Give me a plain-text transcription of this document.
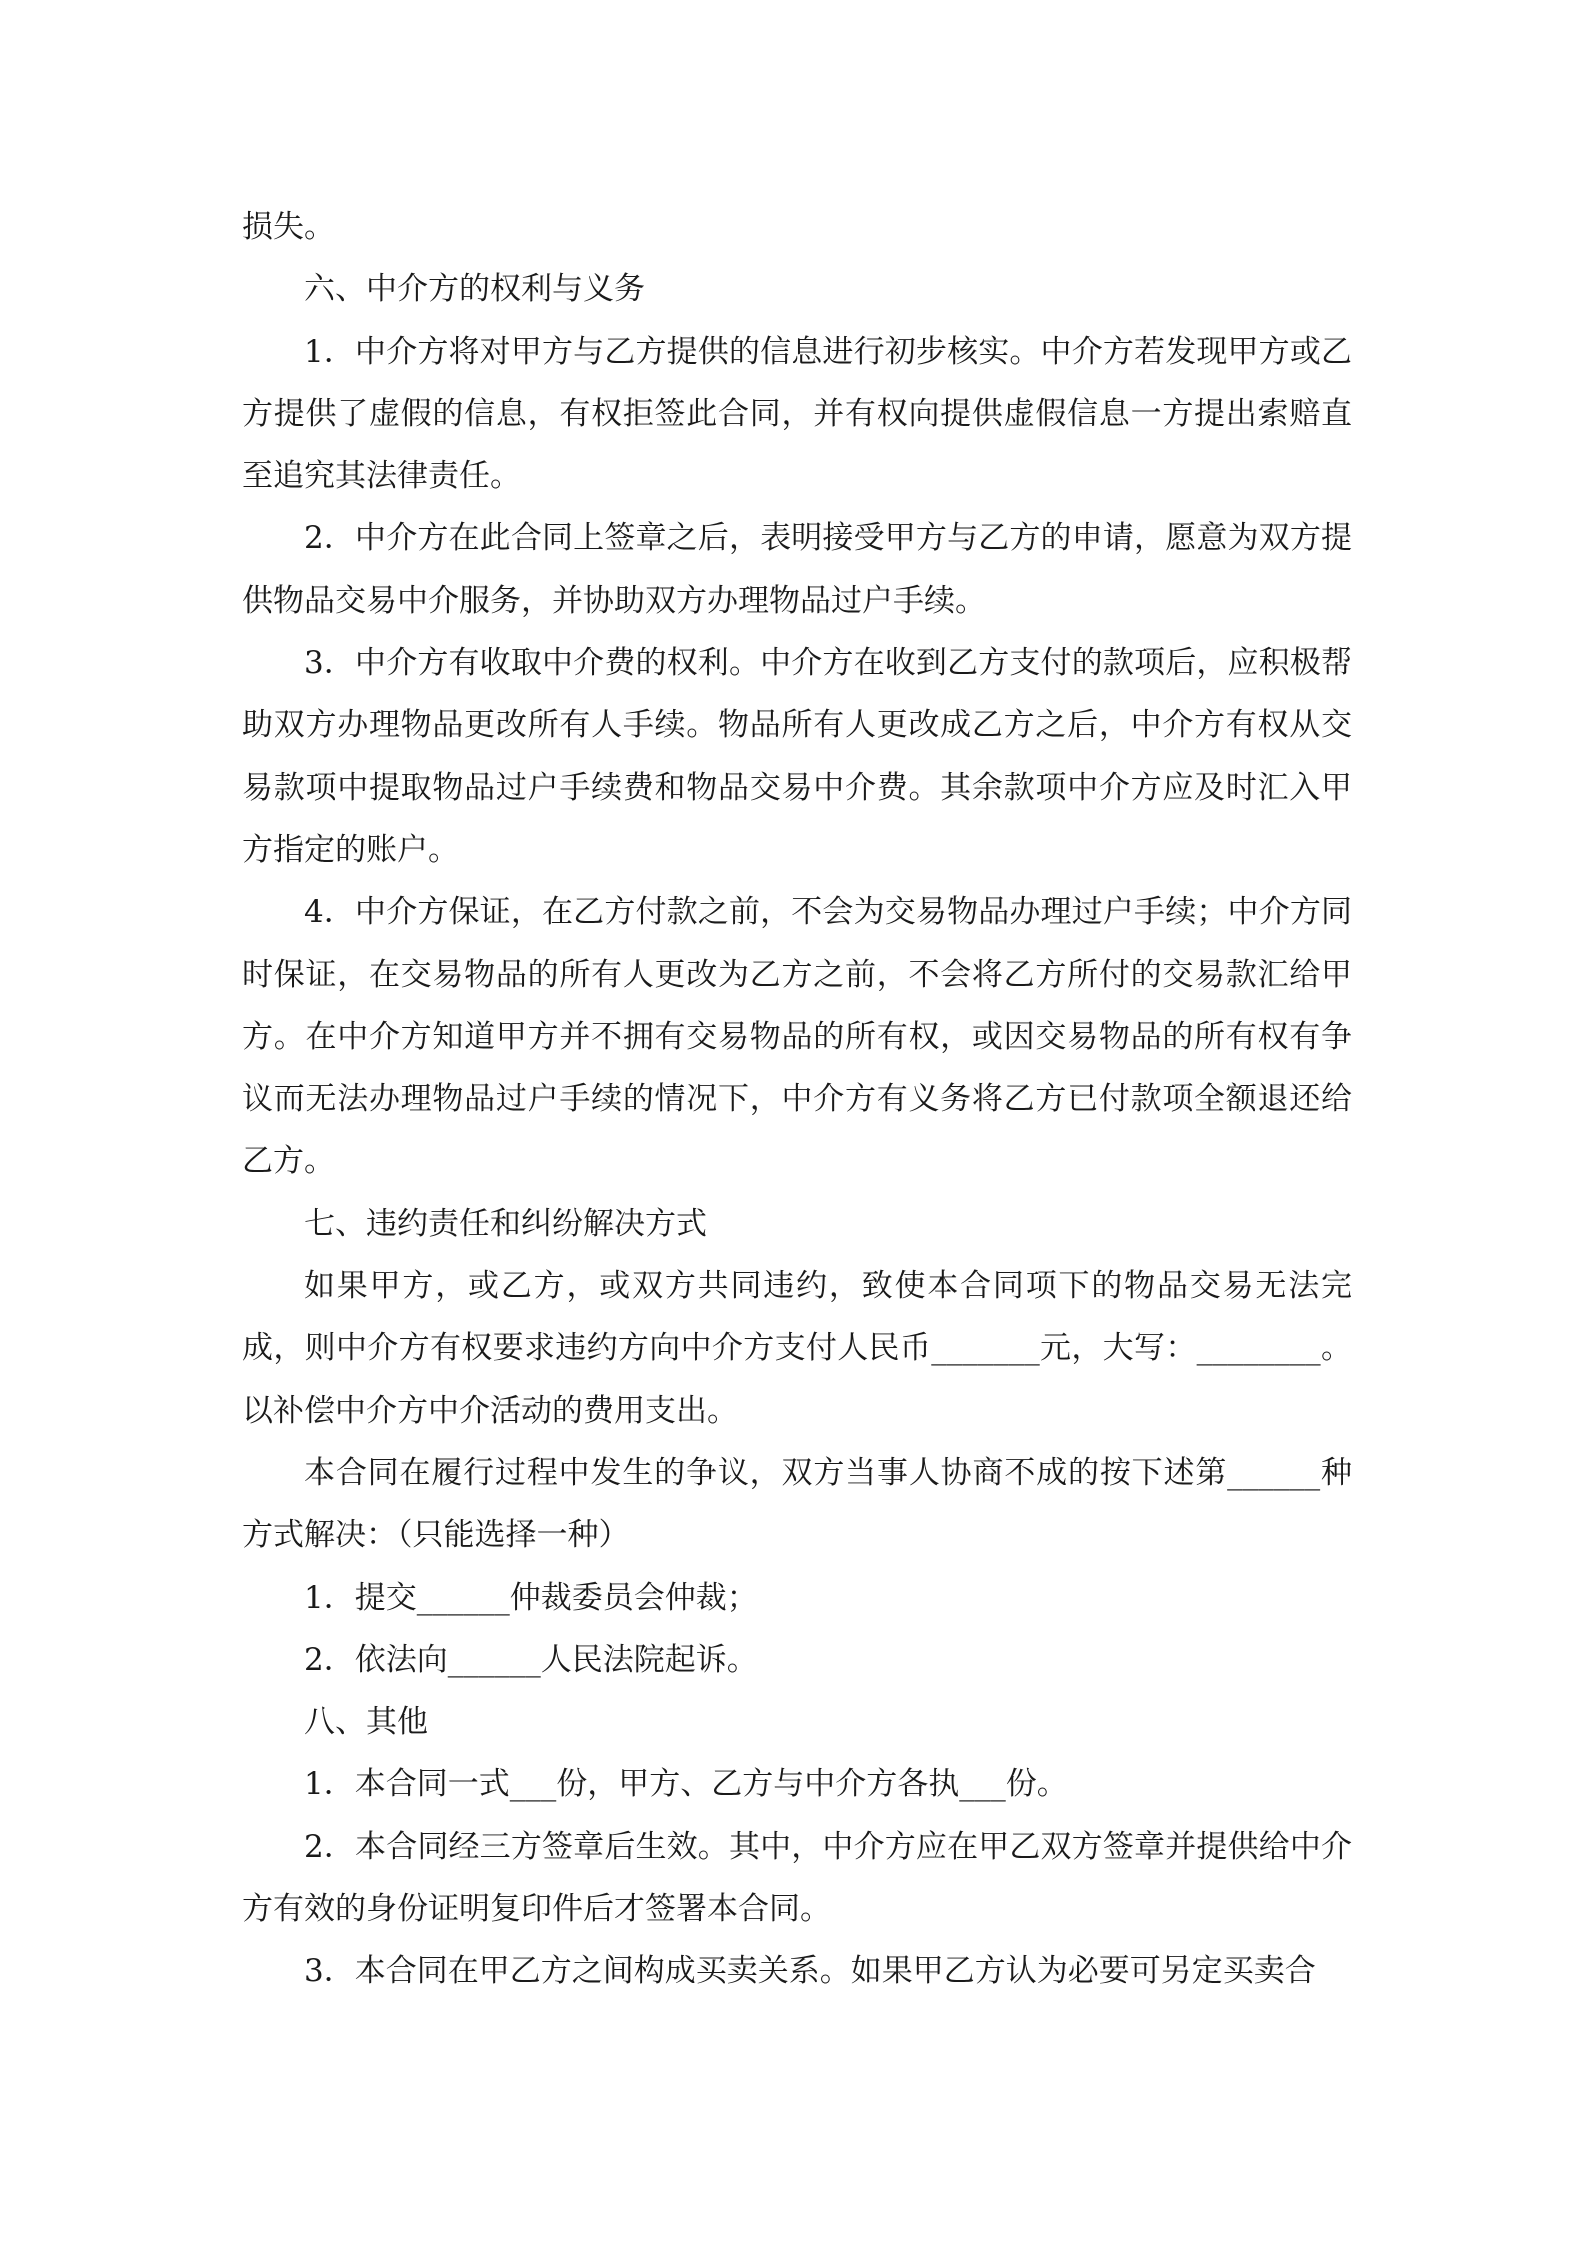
损失。

六、中介方的权利与义务

1．中介方将对甲方与乙方提供的信息进行初步核实。中介方若发现甲方或乙方提供了虚假的信息，有权拒签此合同，并有权向提供虚假信息一方提出索赔直至追究其法律责任。

2．中介方在此合同上签章之后，表明接受甲方与乙方的申请，愿意为双方提供物品交易中介服务，并协助双方办理物品过户手续。

3．中介方有收取中介费的权利。中介方在收到乙方支付的款项后，应积极帮助双方办理物品更改所有人手续。物品所有人更改成乙方之后，中介方有权从交易款项中提取物品过户手续费和物品交易中介费。其余款项中介方应及时汇入甲方指定的账户。

4．中介方保证，在乙方付款之前，不会为交易物品办理过户手续；中介方同时保证，在交易物品的所有人更改为乙方之前，不会将乙方所付的交易款汇给甲方。在中介方知道甲方并不拥有交易物品的所有权，或因交易物品的所有权有争议而无法办理物品过户手续的情况下，中介方有义务将乙方已付款项全额退还给乙方。

七、违约责任和纠纷解决方式

如果甲方，或乙方，或双方共同违约，致使本合同项下的物品交易无法完成，则中介方有权要求违约方向中介方支付人民币_______元，大写：________。以补偿中介方中介活动的费用支出。

本合同在履行过程中发生的争议，双方当事人协商不成的按下述第______种方式解决：（只能选择一种）

1．提交______仲裁委员会仲裁；

2．依法向______人民法院起诉。

八、其他

1．本合同一式___份，甲方、乙方与中介方各执___份。

2．本合同经三方签章后生效。其中，中介方应在甲乙双方签章并提供给中介方有效的身份证明复印件后才签署本合同。

3．本合同在甲乙方之间构成买卖关系。如果甲乙方认为必要可另定买卖合
